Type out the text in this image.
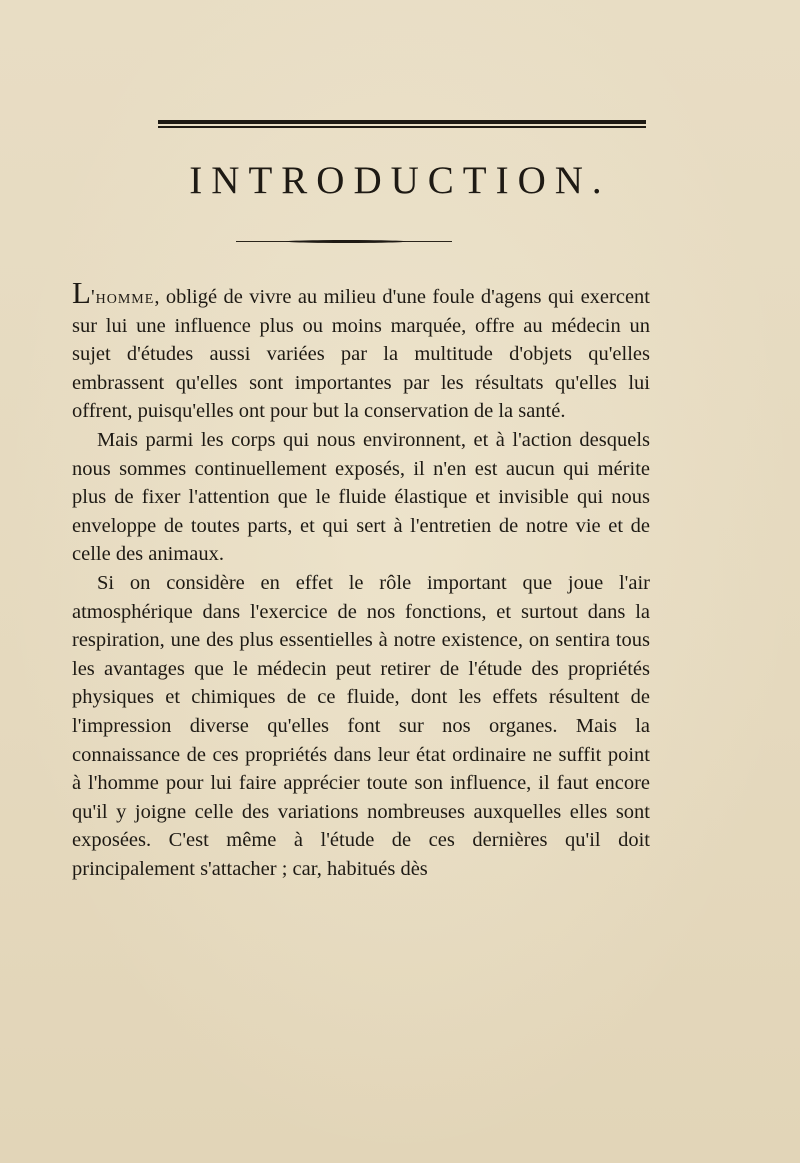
INTRODUCTION.

L'homme, obligé de vivre au milieu d'une foule d'agens qui exercent sur lui une influence plus ou moins marquée, offre au médecin un sujet d'études aussi variées par la multitude d'objets qu'elles embrassent qu'elles sont importantes par les résultats qu'elles lui offrent, puisqu'elles ont pour but la conservation de la santé.

Mais parmi les corps qui nous environnent, et à l'action desquels nous sommes continuellement exposés, il n'en est aucun qui mérite plus de fixer l'attention que le fluide élastique et invisible qui nous enveloppe de toutes parts, et qui sert à l'entretien de notre vie et de celle des animaux.

Si on considère en effet le rôle important que joue l'air atmosphérique dans l'exercice de nos fonctions, et surtout dans la respiration, une des plus essentielles à notre existence, on sentira tous les avantages que le médecin peut retirer de l'étude des propriétés physiques et chimiques de ce fluide, dont les effets résultent de l'impression diverse qu'elles font sur nos organes. Mais la connaissance de ces propriétés dans leur état ordinaire ne suffit point à l'homme pour lui faire apprécier toute son influence, il faut encore qu'il y joigne celle des variations nombreuses auxquelles elles sont exposées. C'est même à l'étude de ces dernières qu'il doit principalement s'attacher ; car, habitués dès
